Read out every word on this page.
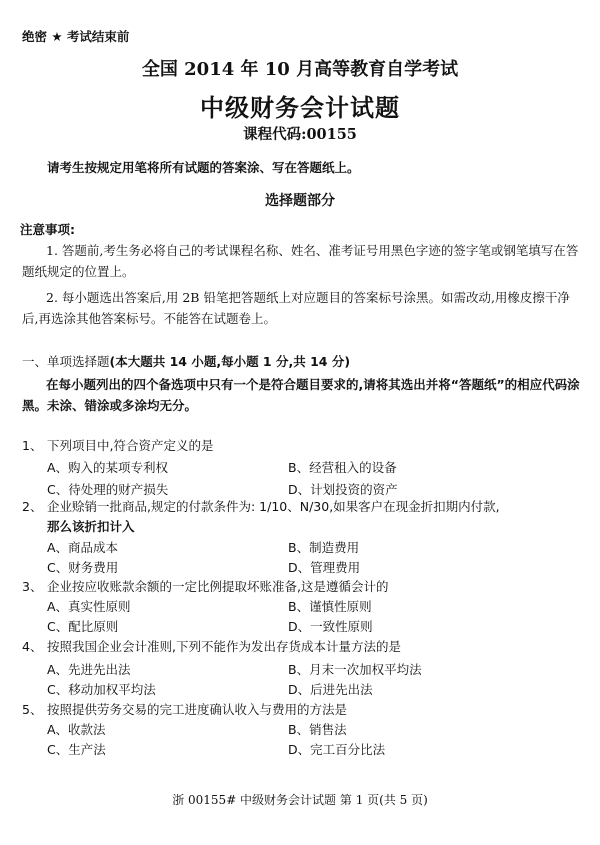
绝密 ★ 考试结束前
全国 2014 年 10 月高等教育自学考试
中级财务会计试题
课程代码:00155
请考生按规定用笔将所有试题的答案涂、写在答题纸上。
选择题部分
注意事项:
1. 答题前,考生务必将自己的考试课程名称、姓名、准考证号用黑色字迹的签字笔或钢笔填写在答题纸规定的位置上。
2. 每小题选出答案后,用 2B 铅笔把答题纸上对应题目的答案标号涂黑。如需改动,用橡皮擦干净后,再选涂其他答案标号。不能答在试题卷上。
一、单项选择题(本大题共 14 小题,每小题 1 分,共 14 分)
在每小题列出的四个备选项中只有一个是符合题目要求的,请将其选出并将“答题纸”的相应代码涂黑。未涂、错涂或多涂均无分。
1、 下列项目中,符合资产定义的是
A、购入的某项专利权	B、经营租入的设备
C、待处理的财产损失	D、计划投资的资产
2、 企业赊销一批商品,规定的付款条件为: 1/10、N/30,如果客户在现金折扣期内付款,
那么该折扣计入
A、商品成本	B、制造费用
C、财务费用	D、管理费用
3、 企业按应收账款余额的一定比例提取坏账准备,这是遵循会计的
A、真实性原则	B、谨慎性原则
C、配比原则	D、一致性原则
4、 按照我国企业会计准则,下列不能作为发出存货成本计量方法的是
A、先进先出法	B、月末一次加权平均法
C、移动加权平均法	D、后进先出法
5、 按照提供劳务交易的完工进度确认收入与费用的方法是
A、收款法	B、销售法
C、生产法	D、完工百分比法
浙 00155# 中级财务会计试题 第 1 页(共 5 页)
